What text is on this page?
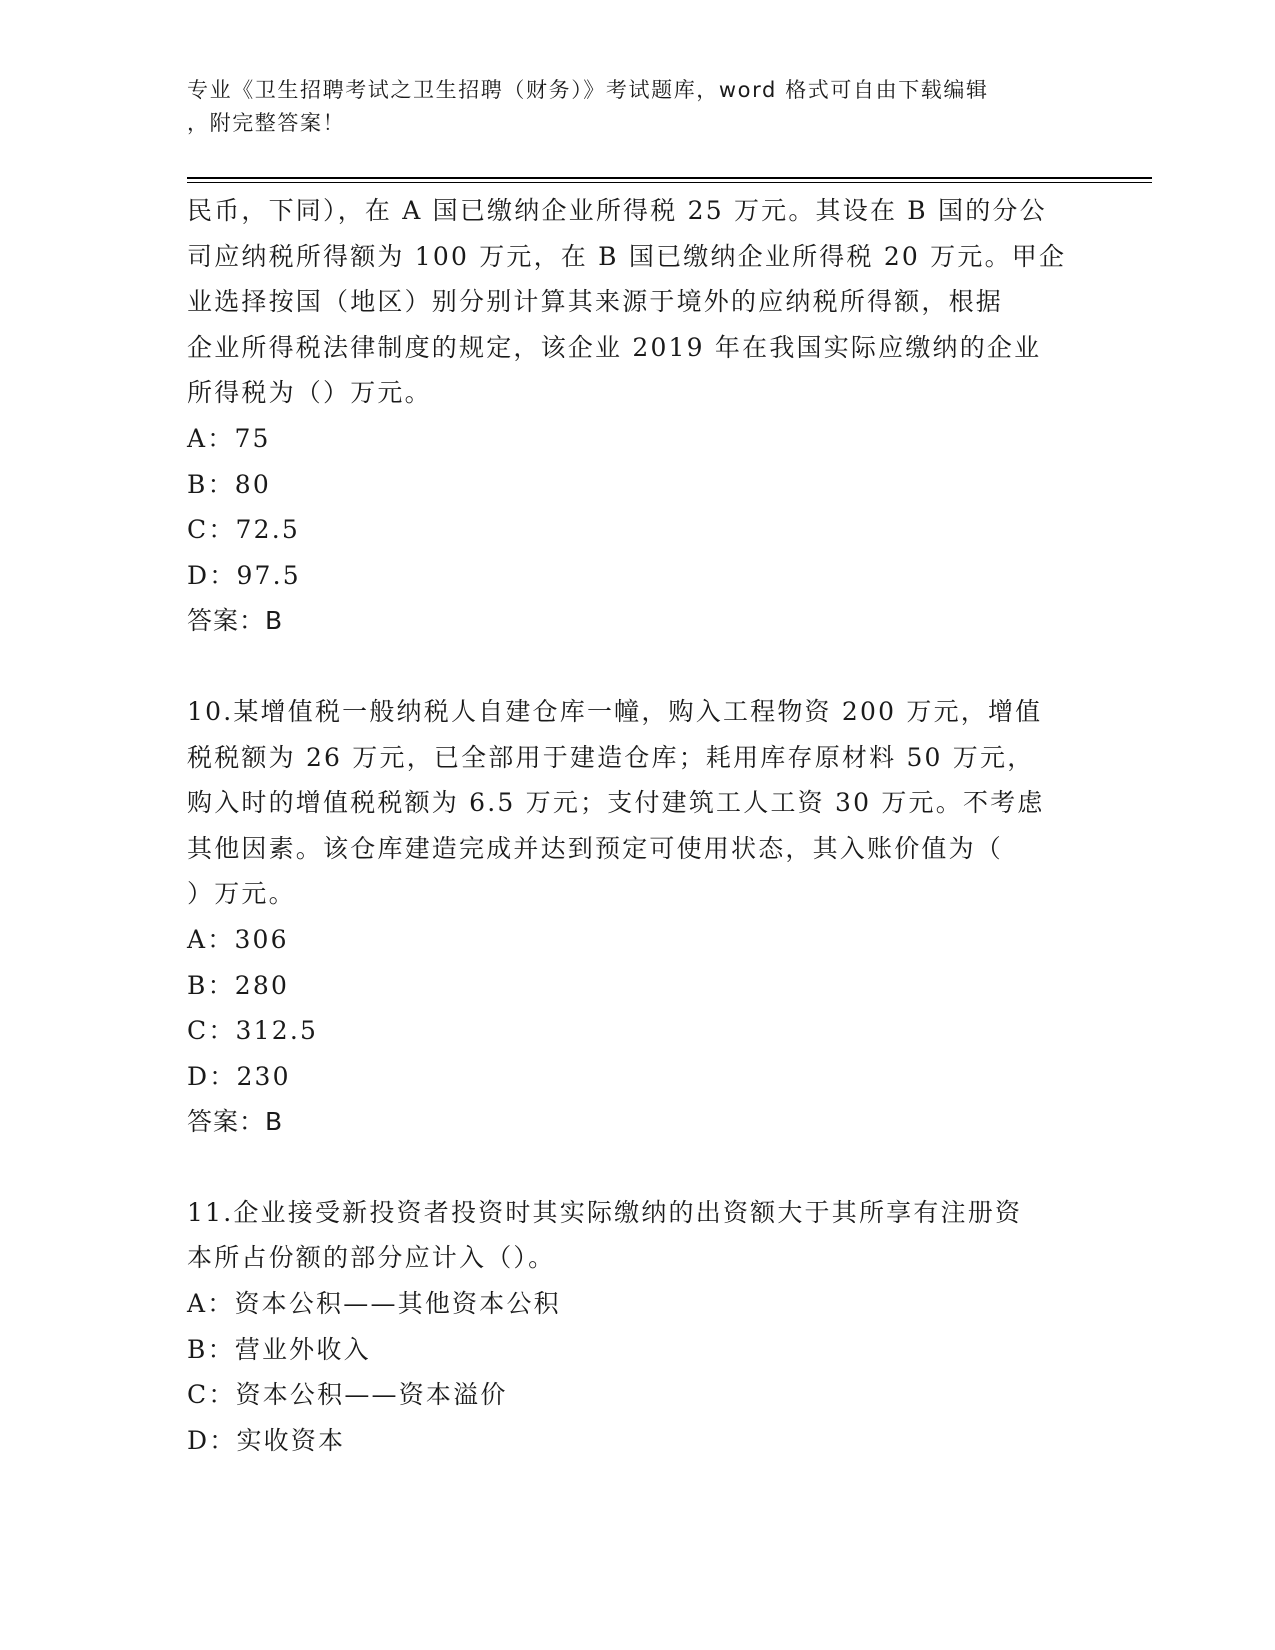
专业《卫生招聘考试之卫生招聘（财务）》考试题库，word 格式可自由下载编辑
，附完整答案！
民币，下同），在 A 国已缴纳企业所得税 25 万元。其设在 B 国的分公
司应纳税所得额为 100 万元，在 B 国已缴纳企业所得税 20 万元。甲企
业选择按国（地区）别分别计算其来源于境外的应纳税所得额，根据
企业所得税法律制度的规定，该企业 2019 年在我国实际应缴纳的企业
所得税为（）万元。
A：75
B：80
C：72.5
D：97.5
答案：B
10.某增值税一般纳税人自建仓库一幢，购入工程物资 200 万元，增值
税税额为 26 万元，已全部用于建造仓库；耗用库存原材料 50 万元，
购入时的增值税税额为 6.5 万元；支付建筑工人工资 30 万元。不考虑
其他因素。该仓库建造完成并达到预定可使用状态，其入账价值为（
）万元。
A：306
B：280
C：312.5
D：230
答案：B
11.企业接受新投资者投资时其实际缴纳的出资额大于其所享有注册资
本所占份额的部分应计入（）。
A：资本公积——其他资本公积
B：营业外收入
C：资本公积——资本溢价
D：实收资本
